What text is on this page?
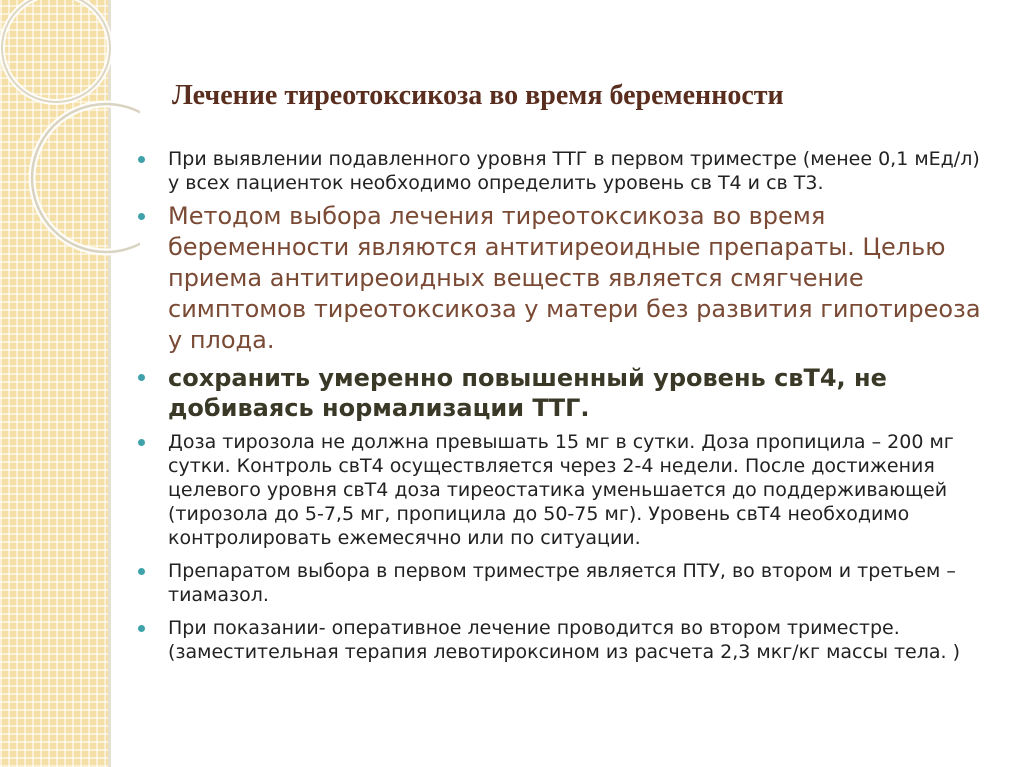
Лечение тиреотоксикоза во время беременности
При выявлении подавленного уровня ТТГ в первом триместре (менее 0,1 мЕд/л) у всех пациенток необходимо определить уровень св Т4 и св Т3.
Методом выбора лечения тиреотоксикоза во время беременности являются антитиреоидные препараты. Целью приема антитиреоидных веществ является смягчение симптомов тиреотоксикоза у матери без развития гипотиреоза у плода.
сохранить умеренно повышенный уровень свТ4, не добиваясь нормализации ТТГ.
Доза тирозола не должна превышать 15 мг в сутки. Доза пропицила – 200 мг сутки. Контроль свТ4 осуществляется через 2-4 недели. После достижения целевого уровня свТ4 доза тиреостатика уменьшается до поддерживающей (тирозола до 5-7,5 мг, пропицила до 50-75 мг). Уровень свТ4 необходимо контролировать ежемесячно или по ситуации.
Препаратом выбора в первом триместре является ПТУ, во втором и третьем – тиамазол.
При показании- оперативное лечение проводится во втором триместре. (заместительная терапия левотироксином из расчета 2,3 мкг/кг массы тела. )
